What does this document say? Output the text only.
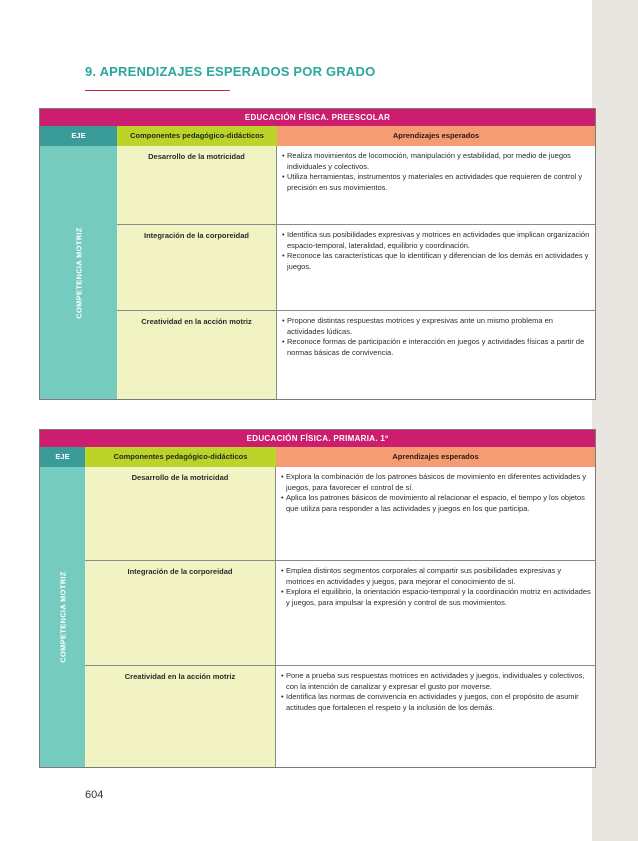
9. APRENDIZAJES ESPERADOS POR GRADO
EDUCACIÓN FÍSICA. PREESCOLAR
EJE	Componentes pedagógico-didácticos	Aprendizajes esperados
COMPETENCIA MOTRIZ
Desarrollo de la motricidad	• Realiza movimientos de locomoción, manipulación y estabilidad, por medio de juegos individuales y colectivos.
• Utiliza herramientas, instrumentos y materiales en actividades que requieren de control y precisión en sus movimientos.
Integración de la corporeidad	• Identifica sus posibilidades expresivas y motrices en actividades que implican organización espacio-temporal, lateralidad, equilibrio y coordinación.
• Reconoce las características que lo identifican y diferencian de los demás en actividades y juegos.
Creatividad en la acción motriz	• Propone distintas respuestas motrices y expresivas ante un mismo problema en actividades lúdicas.
• Reconoce formas de participación e interacción en juegos y actividades físicas a partir de normas básicas de convivencia.
EDUCACIÓN FÍSICA. PRIMARIA. 1º
EJE	Componentes pedagógico-didácticos	Aprendizajes esperados
COMPETENCIA MOTRIZ
Desarrollo de la motricidad	• Explora la combinación de los patrones básicos de movimiento en diferentes actividades y juegos, para favorecer el control de sí.
• Aplica los patrones básicos de movimiento al relacionar el espacio, el tiempo y los objetos que utiliza para responder a las actividades y juegos en los que participa.
Integración de la corporeidad	• Emplea distintos segmentos corporales al compartir sus posibilidades expresivas y motrices en actividades y juegos, para mejorar el conocimiento de sí.
• Explora el equilibrio, la orientación espacio-temporal y la coordinación motriz en actividades y juegos, para impulsar la expresión y control de sus movimientos.
Creatividad en la acción motriz	• Pone a prueba sus respuestas motrices en actividades y juegos, individuales y colectivos, con la intención de canalizar y expresar el gusto por moverse.
• Identifica las normas de convivencia en actividades y juegos, con el propósito de asumir actitudes que fortalecen el respeto y la inclusión de los demás.
604
